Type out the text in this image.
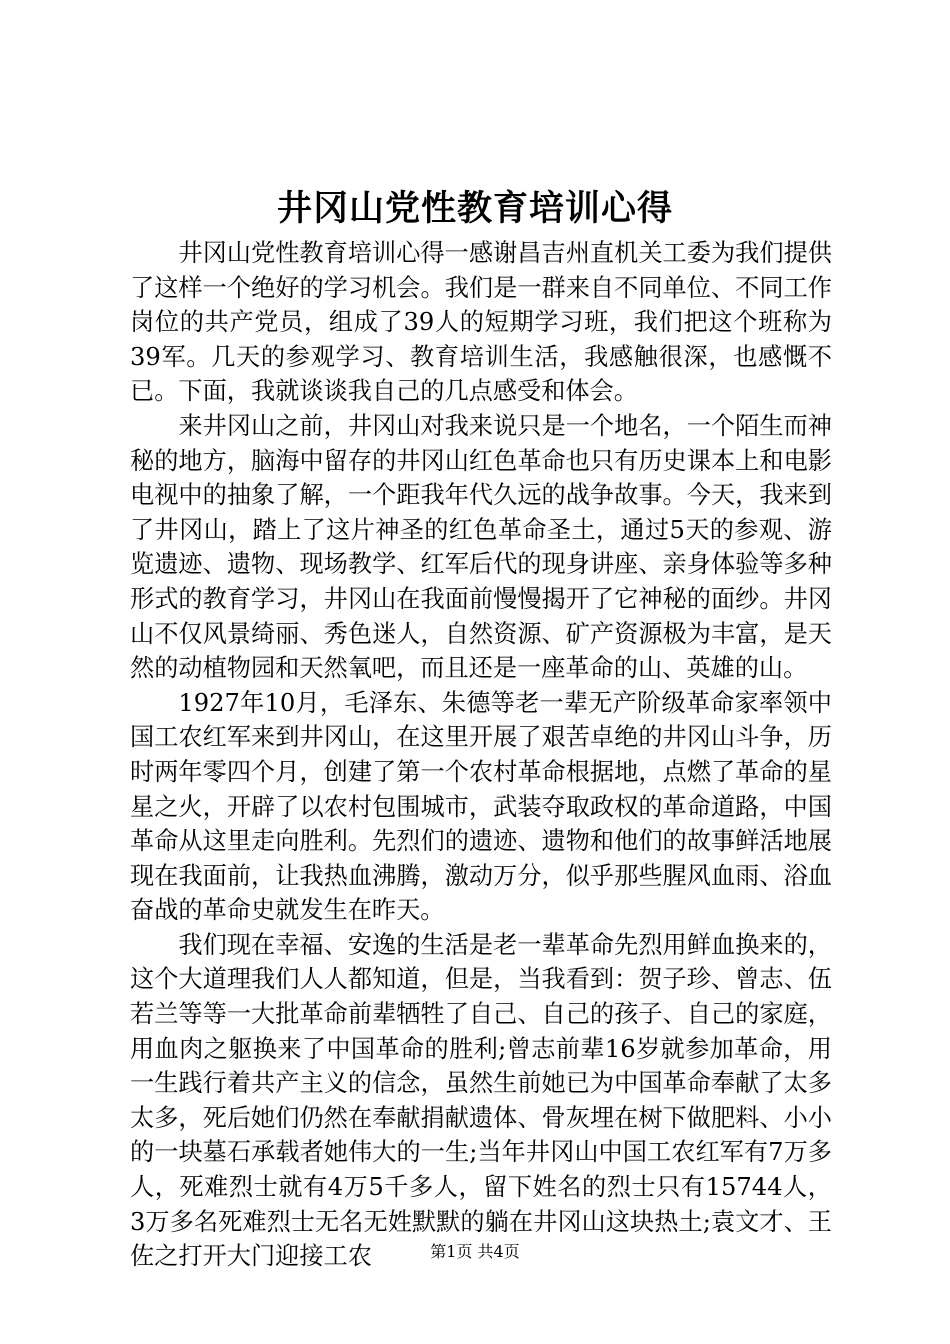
井冈山党性教育培训心得

井冈山党性教育培训心得一感谢昌吉州直机关工委为我们提供了这样一个绝好的学习机会。我们是一群来自不同单位、不同工作岗位的共产党员，组成了39人的短期学习班，我们把这个班称为39军。几天的参观学习、教育培训生活，我感触很深，也感慨不已。下面，我就谈谈我自己的几点感受和体会。

来井冈山之前，井冈山对我来说只是一个地名，一个陌生而神秘的地方，脑海中留存的井冈山红色革命也只有历史课本上和电影电视中的抽象了解，一个距我年代久远的战争故事。今天，我来到了井冈山，踏上了这片神圣的红色革命圣土，通过5天的参观、游览遗迹、遗物、现场教学、红军后代的现身讲座、亲身体验等多种形式的教育学习，井冈山在我面前慢慢揭开了它神秘的面纱。井冈山不仅风景绮丽、秀色迷人，自然资源、矿产资源极为丰富，是天然的动植物园和天然氧吧，而且还是一座革命的山、英雄的山。

1927年10月，毛泽东、朱德等老一辈无产阶级革命家率领中国工农红军来到井冈山，在这里开展了艰苦卓绝的井冈山斗争，历时两年零四个月，创建了第一个农村革命根据地，点燃了革命的星星之火，开辟了以农村包围城市，武装夺取政权的革命道路，中国革命从这里走向胜利。先烈们的遗迹、遗物和他们的故事鲜活地展现在我面前，让我热血沸腾，激动万分，似乎那些腥风血雨、浴血奋战的革命史就发生在昨天。

我们现在幸福、安逸的生活是老一辈革命先烈用鲜血换来的，这个大道理我们人人都知道，但是，当我看到：贺子珍、曾志、伍若兰等等一大批革命前辈牺牲了自己、自己的孩子、自己的家庭，用血肉之躯换来了中国革命的胜利;曾志前辈16岁就参加革命，用一生践行着共产主义的信念，虽然生前她已为中国革命奉献了太多太多，死后她们仍然在奉献捐献遗体、骨灰埋在树下做肥料、小小的一块墓石承载者她伟大的一生;当年井冈山中国工农红军有7万多人，死难烈士就有4万5千多人，留下姓名的烈士只有15744人，3万多名死难烈士无名无姓默默的躺在井冈山这块热土;袁文才、王佐之打开大门迎接工农	第1页 共4页
